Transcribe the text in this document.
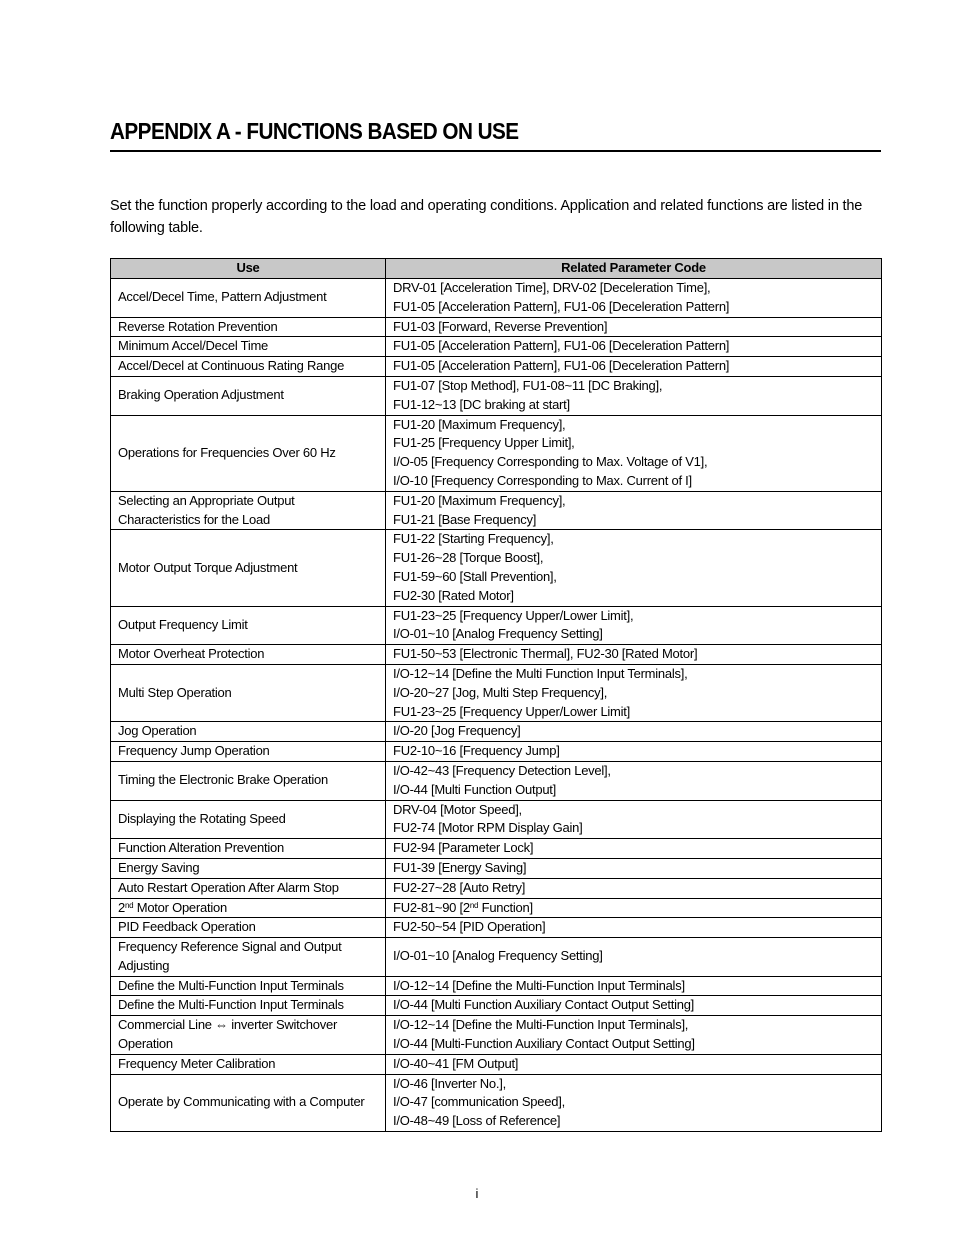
APPENDIX A - FUNCTIONS BASED ON USE

Set the function properly according to the load and operating conditions. Application and related functions are listed in the following table.

Use	Related Parameter Code
Accel/Decel Time, Pattern Adjustment	DRV-01 [Acceleration Time], DRV-02 [Deceleration Time],
FU1-05 [Acceleration Pattern], FU1-06 [Deceleration Pattern]

Reverse Rotation Prevention	FU1-03 [Forward, Reverse Prevention]

Minimum Accel/Decel Time	FU1-05 [Acceleration Pattern], FU1-06 [Deceleration Pattern]

Accel/Decel at Continuous Rating Range	FU1-05 [Acceleration Pattern], FU1-06 [Deceleration Pattern]

Braking Operation Adjustment	FU1-07 [Stop Method], FU1-08~11 [DC Braking],
FU1-12~13 [DC braking at start]

Operations for Frequencies Over 60 Hz	FU1-20 [Maximum Frequency],
FU1-25 [Frequency Upper Limit],
I/O-05 [Frequency Corresponding to Max. Voltage of V1],
I/O-10 [Frequency Corresponding to Max. Current of I]

Selecting an Appropriate Output Characteristics for the Load	FU1-20 [Maximum Frequency],
FU1-21 [Base Frequency]

Motor Output Torque Adjustment	FU1-22 [Starting Frequency],
FU1-26~28 [Torque Boost],
FU1-59~60 [Stall Prevention],
FU2-30 [Rated Motor]

Output Frequency Limit	FU1-23~25 [Frequency Upper/Lower Limit],
I/O-01~10 [Analog Frequency Setting]

Motor Overheat Protection	FU1-50~53 [Electronic Thermal], FU2-30 [Rated Motor]

Multi Step Operation	I/O-12~14 [Define the Multi Function Input Terminals],
I/O-20~27 [Jog, Multi Step Frequency],
FU1-23~25 [Frequency Upper/Lower Limit]

Jog Operation	I/O-20 [Jog Frequency]

Frequency Jump Operation	FU2-10~16 [Frequency Jump]

Timing the Electronic Brake Operation	I/O-42~43 [Frequency Detection Level],
I/O-44 [Multi Function Output]

Displaying the Rotating Speed	DRV-04 [Motor Speed],
FU2-74 [Motor RPM Display Gain]

Function Alteration Prevention	FU2-94 [Parameter Lock]

Energy Saving	FU1-39 [Energy Saving]

Auto Restart Operation After Alarm Stop	FU2-27~28 [Auto Retry]

2nd Motor Operation	FU2-81~90 [2nd Function]

PID Feedback Operation	FU2-50~54 [PID Operation]

Frequency Reference Signal and Output Adjusting	I/O-01~10 [Analog Frequency Setting]

Define the Multi-Function Input Terminals	I/O-12~14 [Define the Multi-Function Input Terminals]

Define the Multi-Function Input Terminals	I/O-44 [Multi Function Auxiliary Contact Output Setting]

Commercial Line ⇔ inverter Switchover Operation	I/O-12~14 [Define the Multi-Function Input Terminals],
I/O-44 [Multi-Function Auxiliary Contact Output Setting]

Frequency Meter Calibration	I/O-40~41 [FM Output]

Operate by Communicating with a Computer	I/O-46 [Inverter No.],
I/O-47 [communication Speed],
I/O-48~49 [Loss of Reference]
i
